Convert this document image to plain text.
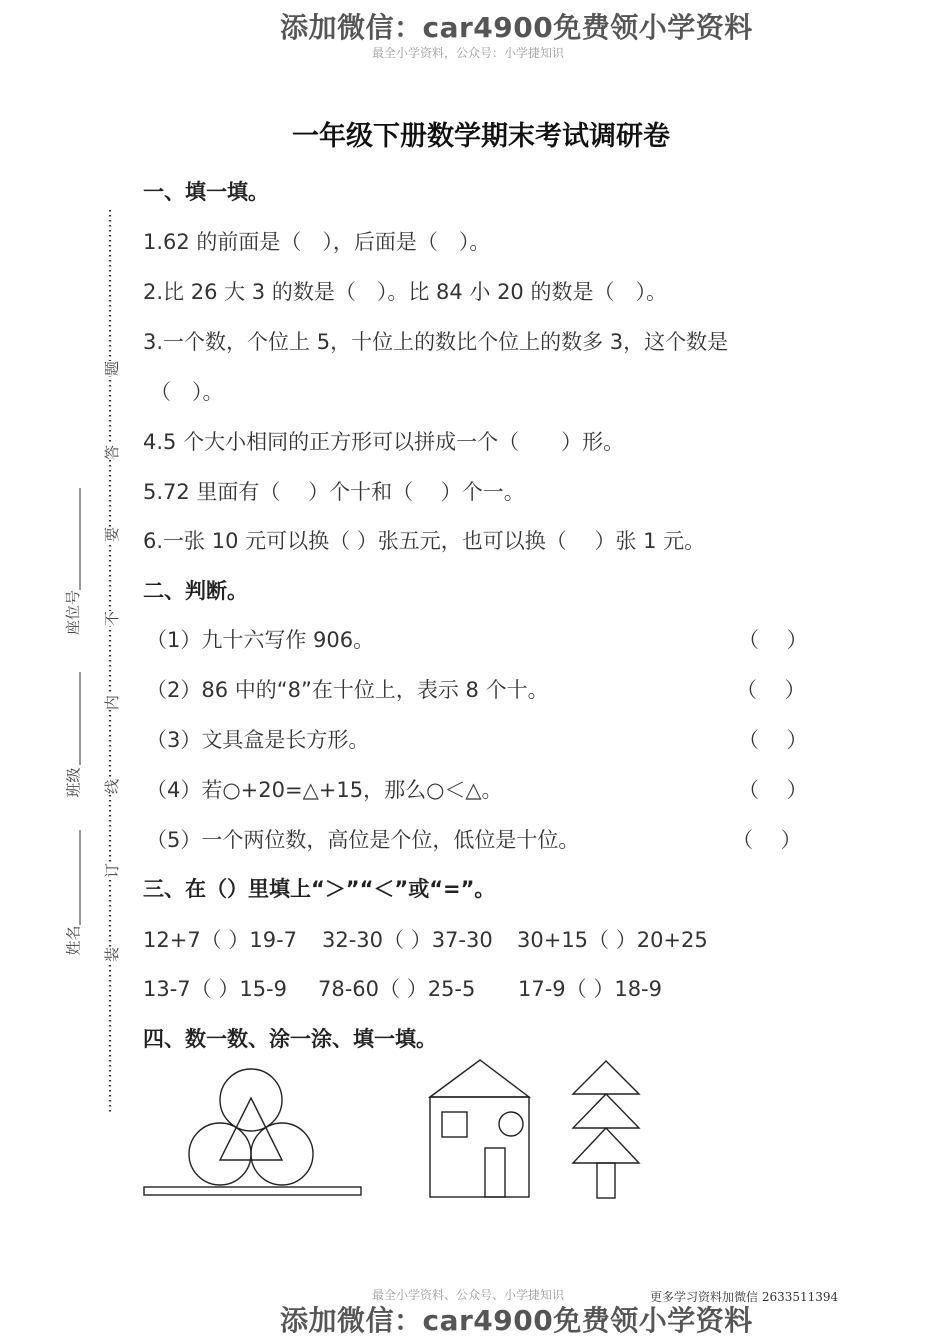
添加微信：car4900免费领小学资料
最全小学资料，公众号：小学捷知识
一年级下册数学期末考试调研卷
座位号
班级
姓名
题
答
要
不
内
线
订
装
一、填一填。
1.62 的前面是（　），后面是（　）。
2.比 26 大 3 的数是（　）。比 84 小 20 的数是（　）。
3.一个数，个位上 5，十位上的数比个位上的数多 3，这个数是
（　）。
4.5 个大小相同的正方形可以拼成一个（　　）形。
5.72 里面有（　 ）个十和（　 ）个一。
6.一张 10 元可以换（ ）张五元，也可以换（　 ）张 1 元。
二、判断。
（1）九十六写作 906。	（　 ）
（2）86 中的“8”在十位上，表示 8 个十。	（　 ）
（3）文具盒是长方形。	（　 ）
（4）若○+20=△+15，那么○＜△。	（　 ）
（5）一个两位数，高位是个位，低位是十位。	（　 ）
三、在（）里填上“＞”“＜”或“=”。
12+7（ ）19-7 32-30（ ）37-30 30+15（ ）20+25
13-7（ ）15-9 78-60（ ）25-5 17-9（ ）18-9
四、数一数、涂一涂、填一填。
最全小学资料、公众号、小学捷知识	更多学习资料加微信 2633511394
添加微信：car4900免费领小学资料
